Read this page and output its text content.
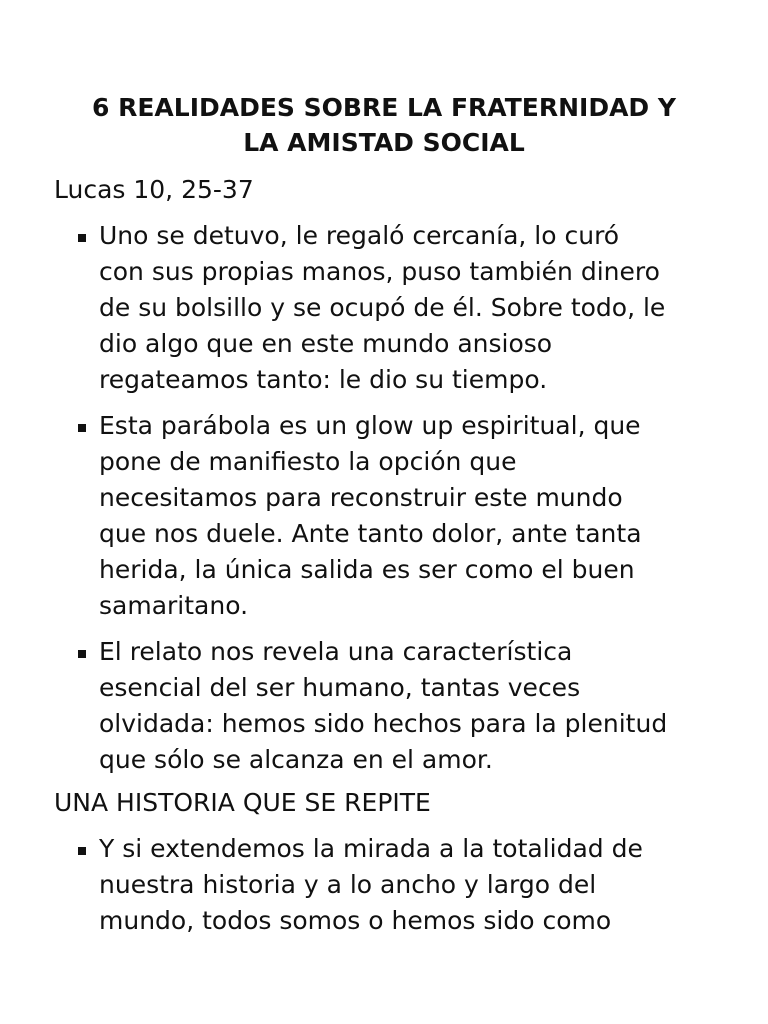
6 REALIDADES SOBRE LA FRATERNIDAD Y
LA AMISTAD SOCIAL

Lucas 10, 25-37

Uno se detuvo, le regaló cercanía, lo curó
con sus propias manos, puso también dinero
de su bolsillo y se ocupó de él. Sobre todo, le
dio algo que en este mundo ansioso
regateamos tanto: le dio su tiempo.
Esta parábola es un glow up espiritual, que
pone de manifiesto la opción que
necesitamos para reconstruir este mundo
que nos duele. Ante tanto dolor, ante tanta
herida, la única salida es ser como el buen
samaritano.
El relato nos revela una característica
esencial del ser humano, tantas veces
olvidada: hemos sido hechos para la plenitud
que sólo se alcanza en el amor.

UNA HISTORIA QUE SE REPITE

Y si extendemos la mirada a la totalidad de
nuestra historia y a lo ancho y largo del
mundo, todos somos o hemos sido como
